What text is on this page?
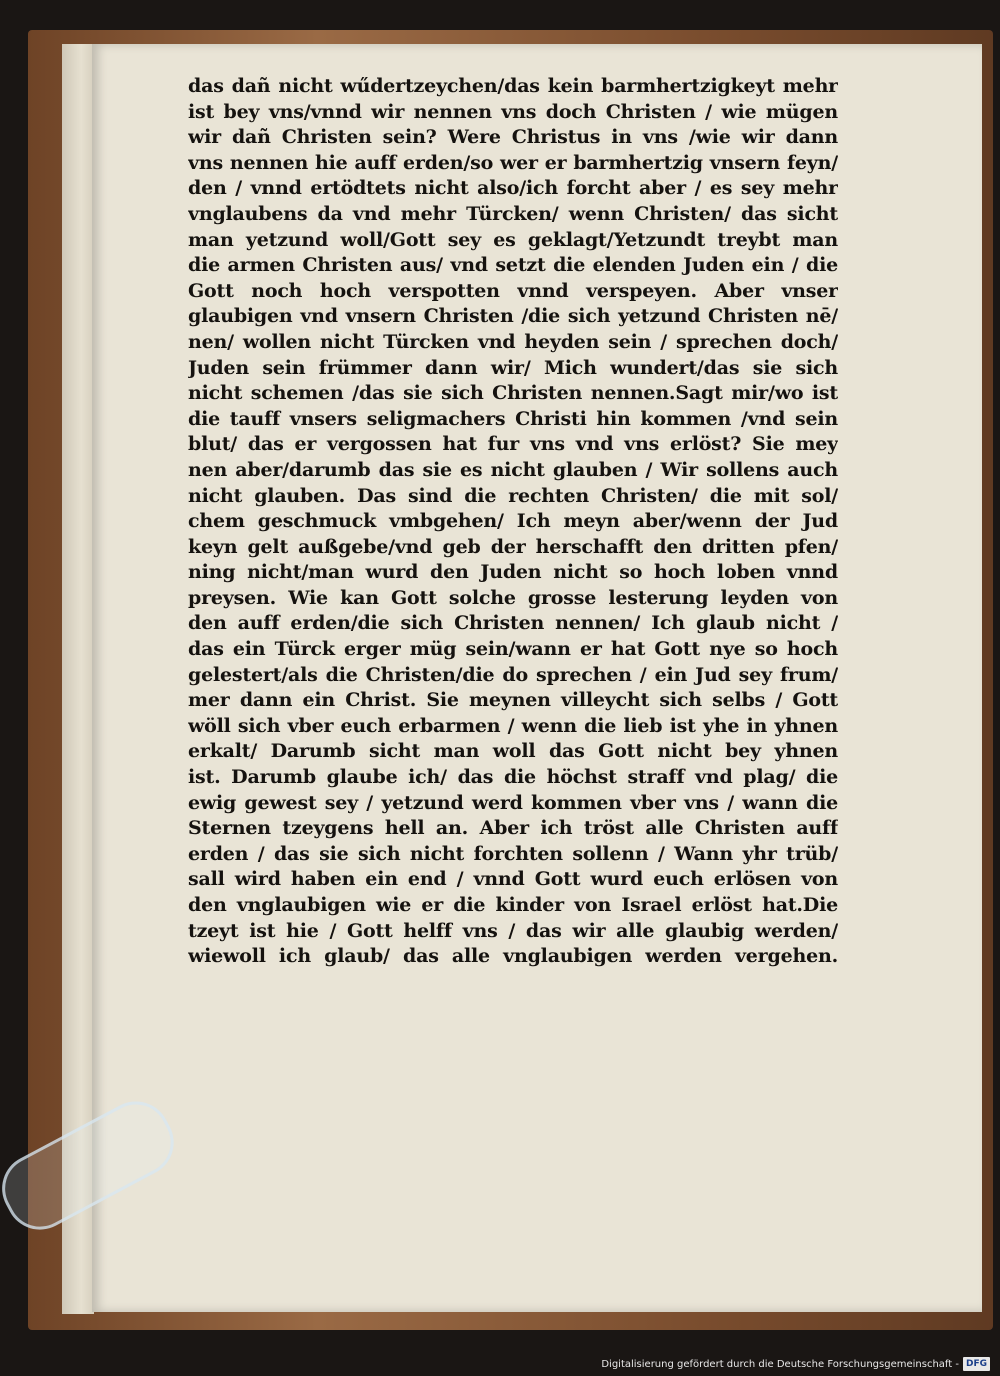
das dañ nicht wűdertzeychen/das kein barmhertzigkeyt mehr
ist bey vns/vnnd wir nennen vns doch Christen / wie mügen
wir dañ Christen sein? Were Christus in vns /wie wir dann
vns nennen hie auff erden/so wer er barmhertzig vnsern feyn/
den / vnnd ertödtets nicht also/ich forcht aber / es sey mehr
vnglaubens da vnd mehr Türcken/ wenn Christen/ das sicht
man yetzund woll/Gott sey es geklagt/Yetzundt treybt man
die armen Christen aus/ vnd setzt die elenden Juden ein / die
Gott noch hoch verspotten vnnd verspeyen. Aber vnser
glaubigen vnd vnsern Christen /die sich yetzund Christen nē/
nen/ wollen nicht Türcken vnd heyden sein / sprechen doch/
Juden sein frümmer dann wir/ Mich wundert/das sie sich
nicht schemen /das sie sich Christen nennen.Sagt mir/wo ist
die tauff vnsers seligmachers Christi hin kommen /vnd sein
blut/ das er vergossen hat fur vns vnd vns erlöst? Sie mey
nen aber/darumb das sie es nicht glauben / Wir sollens auch
nicht glauben. Das sind die rechten Christen/ die mit sol/
chem geschmuck vmbgehen/ Ich meyn aber/wenn der Jud
keyn gelt außgebe/vnd geb der herschafft den dritten pfen/
ning nicht/man wurd den Juden nicht so hoch loben vnnd
preysen. Wie kan Gott solche grosse lesterung leyden von
den auff erden/die sich Christen nennen/ Ich glaub nicht /
das ein Türck erger müg sein/wann er hat Gott nye so hoch
gelestert/als die Christen/die do sprechen / ein Jud sey frum/
mer dann ein Christ. Sie meynen villeycht sich selbs / Gott
wöll sich vber euch erbarmen / wenn die lieb ist yhe in yhnen
erkalt/ Darumb sicht man woll das Gott nicht bey yhnen
ist. Darumb glaube ich/ das die höchst straff vnd plag/ die
ewig gewest sey / yetzund werd kommen vber vns / wann die
Sternen tzeygens hell an. Aber ich tröst alle Christen auff
erden / das sie sich nicht forchten sollenn / Wann yhr trüb/
sall wird haben ein end / vnnd Gott wurd euch erlösen von
den vnglaubigen wie er die kinder von Israel erlöst hat.Die
tzeyt ist hie / Gott helff vns / das wir alle glaubig werden/
wiewoll ich glaub/ das alle vnglaubigen werden vergehen.
Digitalisierung gefördert durch die Deutsche Forschungsgemeinschaft - DFG
